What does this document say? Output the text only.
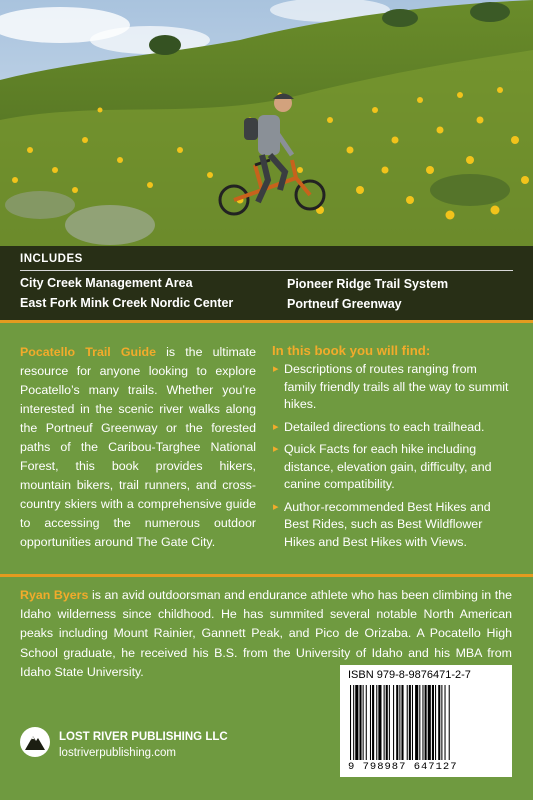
INCLUDES
City Creek Management Area
East Fork Mink Creek Nordic Center
Pioneer Ridge Trail System
Portneuf Greenway
Pocatello Trail Guide is the ultimate resource for anyone looking to explore Pocatello’s many trails. Whether you’re interested in the scenic river walks along the Portneuf Greenway or the forested paths of the Caribou-Targhee National Forest, this book provides hikers, mountain bikers, trail runners, and cross-country skiers with a comprehensive guide to accessing the numerous outdoor opportunities around The Gate City.
In this book you will find:
▸ Descriptions of routes ranging from family friendly trails all the way to summit hikes.
▸ Detailed directions to each trailhead.
▸ Quick Facts for each hike including distance, elevation gain, difficulty, and canine compatibility.
▸ Author-recommended Best Hikes and Best Rides, such as Best Wildflower Hikes and Best Hikes with Views.
Ryan Byers is an avid outdoorsman and endurance athlete who has been climbing in the Idaho wilderness since childhood. He has summited several notable North American peaks including Mount Rainier, Gannett Peak, and Pico de Orizaba. A Pocatello High School graduate, he received his B.S. from the University of Idaho and his MBA from Idaho State University.
LOST RIVER PUBLISHING LLC
lostriverpublishing.com
ISBN 979-8-9876471-2-7
9 798987 647127
